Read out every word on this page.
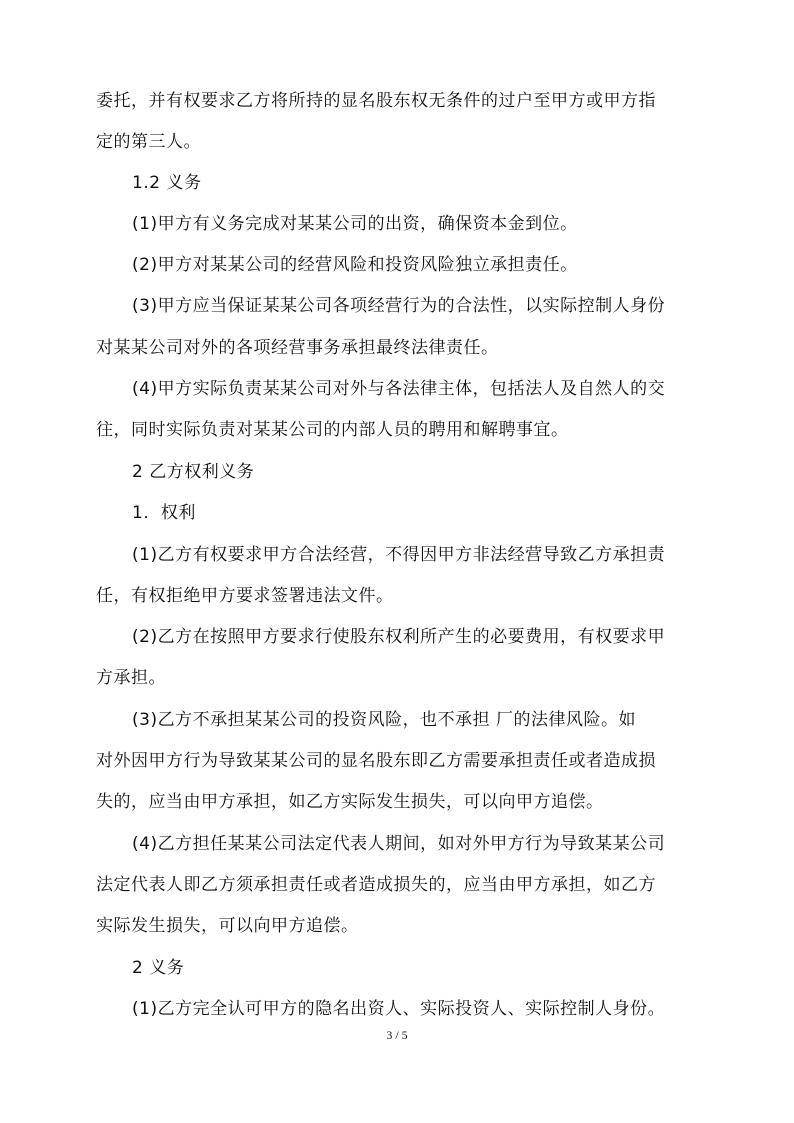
委托，并有权要求乙方将所持的显名股东权无条件的过户至甲方或甲方指
定的第三人。
1.2 义务
(1)甲方有义务完成对某某公司的出资，确保资本金到位。
(2)甲方对某某公司的经营风险和投资风险独立承担责任。
(3)甲方应当保证某某公司各项经营行为的合法性，以实际控制人身份
对某某公司对外的各项经营事务承担最终法律责任。
(4)甲方实际负责某某公司对外与各法律主体，包括法人及自然人的交
往，同时实际负责对某某公司的内部人员的聘用和解聘事宜。
2 乙方权利义务
1．权利
(1)乙方有权要求甲方合法经营，不得因甲方非法经营导致乙方承担责
任，有权拒绝甲方要求签署违法文件。
(2)乙方在按照甲方要求行使股东权利所产生的必要费用，有权要求甲
方承担。
(3)乙方不承担某某公司的投资风险，也不承担 厂的法律风险。如
对外因甲方行为导致某某公司的显名股东即乙方需要承担责任或者造成损
失的，应当由甲方承担，如乙方实际发生损失，可以向甲方追偿。
(4)乙方担任某某公司法定代表人期间，如对外甲方行为导致某某公司
法定代表人即乙方须承担责任或者造成损失的，应当由甲方承担，如乙方
实际发生损失，可以向甲方追偿。
2 义务
(1)乙方完全认可甲方的隐名出资人、实际投资人、实际控制人身份。
3 / 5
